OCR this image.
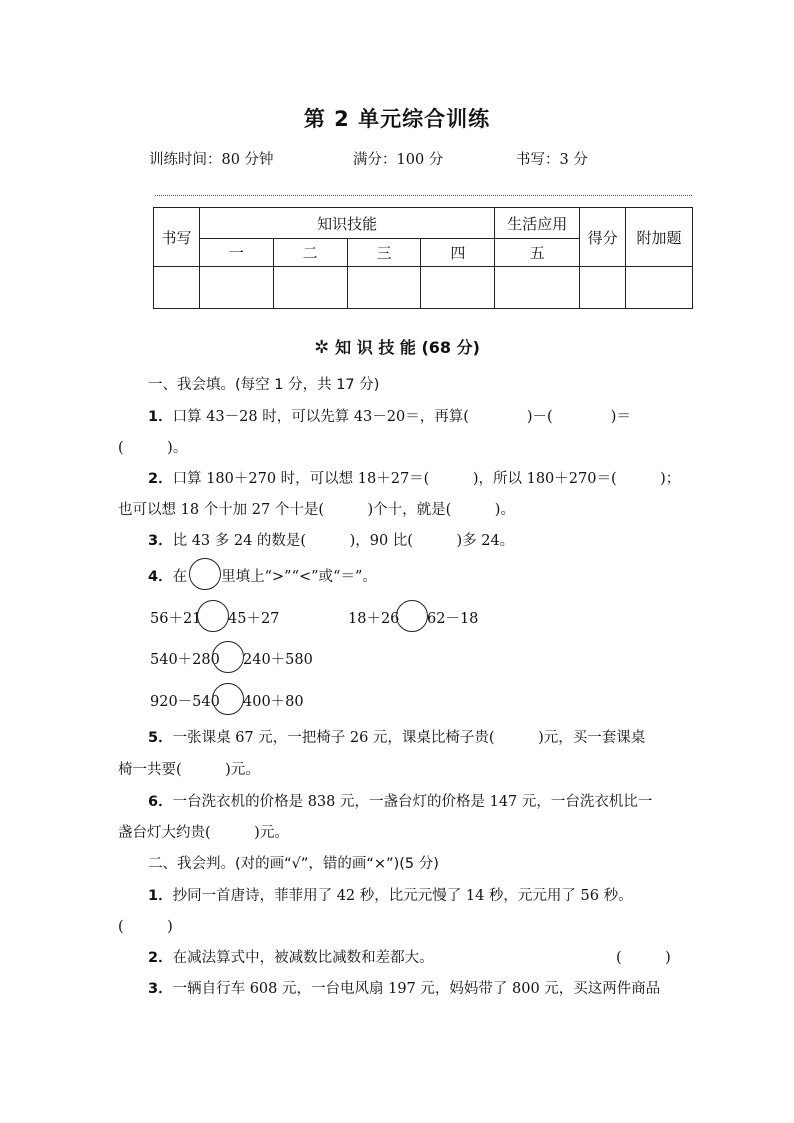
第 2 单元综合训练
训练时间：80 分钟	满分：100 分	书写：3 分
书写	知识技能				生活应用	得分	附加题
	一	二	三	四	五		

✲ 知 识 技 能 (68 分)
一、我会填。(每空 1 分，共 17 分)
1．口算 43－28 时，可以先算 43－20＝，再算(　　　　)－(　　　　)＝
(　　　)。
2．口算 180＋270 时，可以想 18＋27＝(　　　)，所以 180＋270＝(　　　)；
也可以想 18 个十加 27 个十是(　　　)个十，就是(　　　)。
3．比 43 多 24 的数是(　　　)，90 比(　　　)多 24。
4．在 里填上“>”“<”或“＝”。
56＋21 45＋27	18＋26 62－18
540＋280 240＋580
920－540 400＋80
5．一张课桌 67 元，一把椅子 26 元，课桌比椅子贵(　　　)元，买一套课桌
椅一共要(　　　)元。
6．一台洗衣机的价格是 838 元，一盏台灯的价格是 147 元，一台洗衣机比一
盏台灯大约贵(　　　)元。
二、我会判。(对的画“√”，错的画“×”)(5 分)
1．抄同一首唐诗，菲菲用了 42 秒，比元元慢了 14 秒，元元用了 56 秒。
(　　　)
2．在减法算式中，被减数比减数和差都大。	(　　　)
3．一辆自行车 608 元，一台电风扇 197 元，妈妈带了 800 元，买这两件商品
